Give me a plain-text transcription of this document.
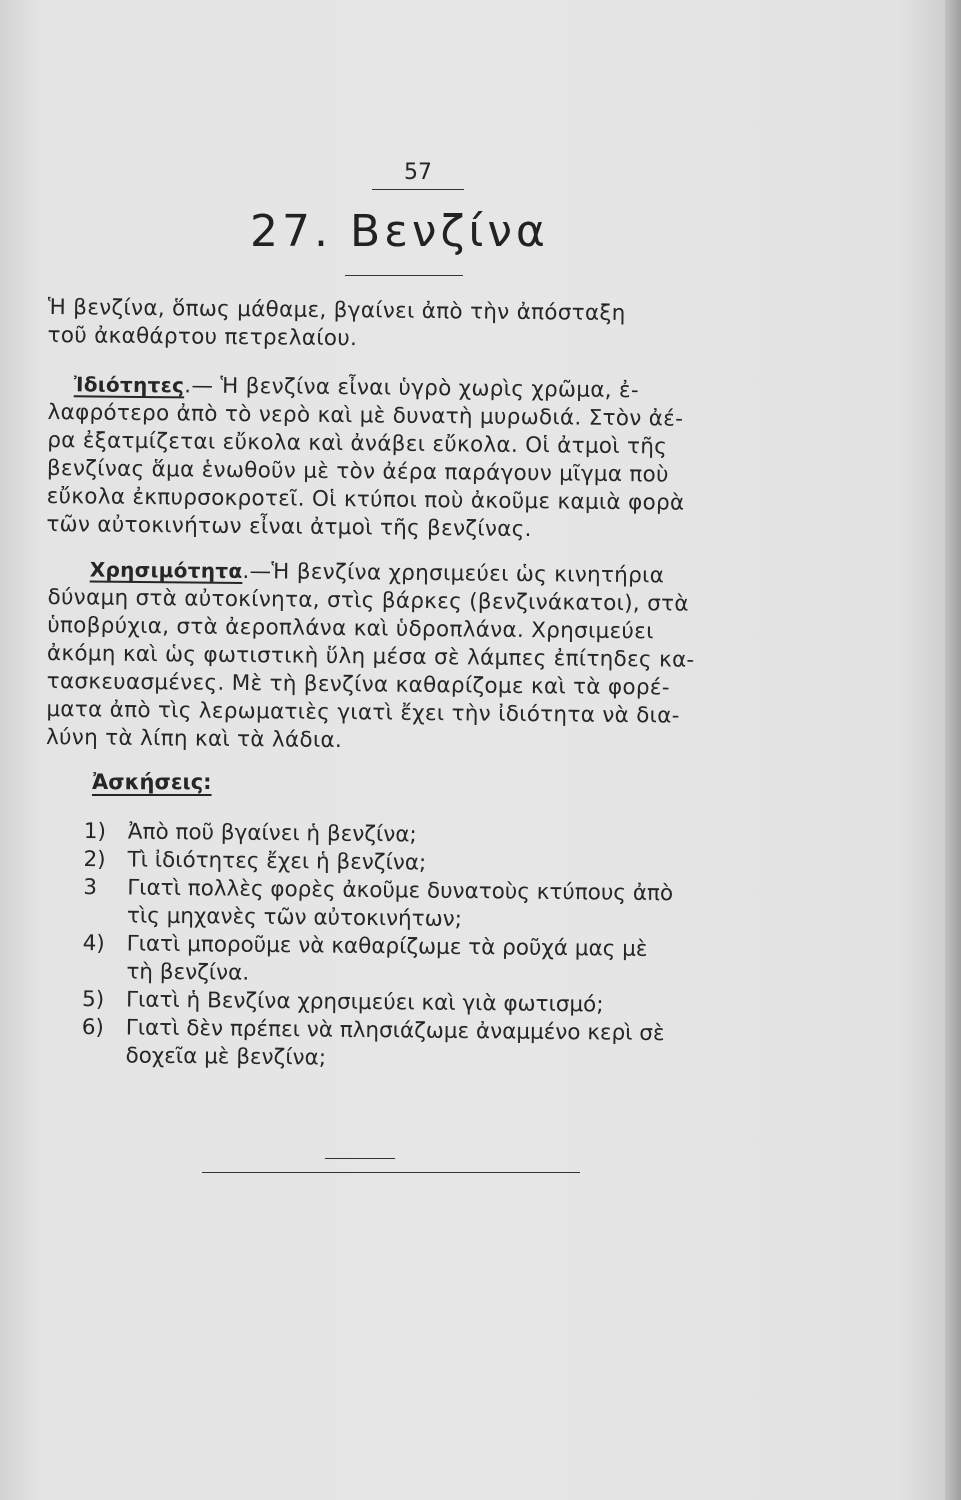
57
27. Βενζίνα
Ἡ βενζίνα, ὅπως μάθαμε, βγαίνει ἀπὸ τὴν ἀπόσταξη
τοῦ ἀκαθάρτου πετρελαίου.
Ἰδιότητες.— Ἡ βενζίνα εἶναι ὑγρὸ χωρὶς χρῶμα, ἐ-
λαφρότερο ἀπὸ τὸ νερὸ καὶ μὲ δυνατὴ μυρωδιά. Στὸν ἀέ-
ρα ἐξατμίζεται εὔκολα καὶ ἀνάβει εὔκολα. Οἱ ἀτμοὶ τῆς
βενζίνας ἅμα ἑνωθοῦν μὲ τὸν ἀέρα παράγουν μῖγμα ποὺ
εὔκολα ἐκπυρσοκροτεῖ. Οἱ κτύποι ποὺ ἀκοῦμε καμιὰ φορὰ
τῶν αὐτοκινήτων εἶναι ἀτμοὶ τῆς βενζίνας.
Χρησιμότητα.—Ἡ βενζίνα χρησιμεύει ὡς κινητήρια
δύναμη στὰ αὐτοκίνητα, στὶς βάρκες (βενζινάκατοι), στὰ
ὑποβρύχια, στὰ ἀεροπλάνα καὶ ὑδροπλάνα. Χρησιμεύει
ἀκόμη καὶ ὡς φωτιστικὴ ὕλη μέσα σὲ λάμπες ἐπίτηδες κα-
τασκευασμένες. Μὲ τὴ βενζίνα καθαρίζομε καὶ τὰ φορέ-
ματα ἀπὸ τὶς λερωματιὲς γιατὶ ἔχει τὴν ἰδιότητα νὰ δια-
λύνη τὰ λίπη καὶ τὰ λάδια.
Ἀσκήσεις:
1)	Ἀπὸ ποῦ βγαίνει ἡ βενζίνα;
2)	Τὶ ἰδιότητες ἔχει ἡ βενζίνα;
3	Γιατὶ πολλὲς φορὲς ἀκοῦμε δυνατοὺς κτύπους ἀπὸ
τὶς μηχανὲς τῶν αὐτοκινήτων;
4)	Γιατὶ μποροῦμε νὰ καθαρίζωμε τὰ ροῦχά μας μὲ
τὴ βενζίνα.
5)	Γιατὶ ἡ Βενζίνα χρησιμεύει καὶ γιὰ φωτισμό;
6)	Γιατὶ δὲν πρέπει νὰ πλησιάζωμε ἀναμμένο κερὶ σὲ
δοχεῖα μὲ βενζίνα;
